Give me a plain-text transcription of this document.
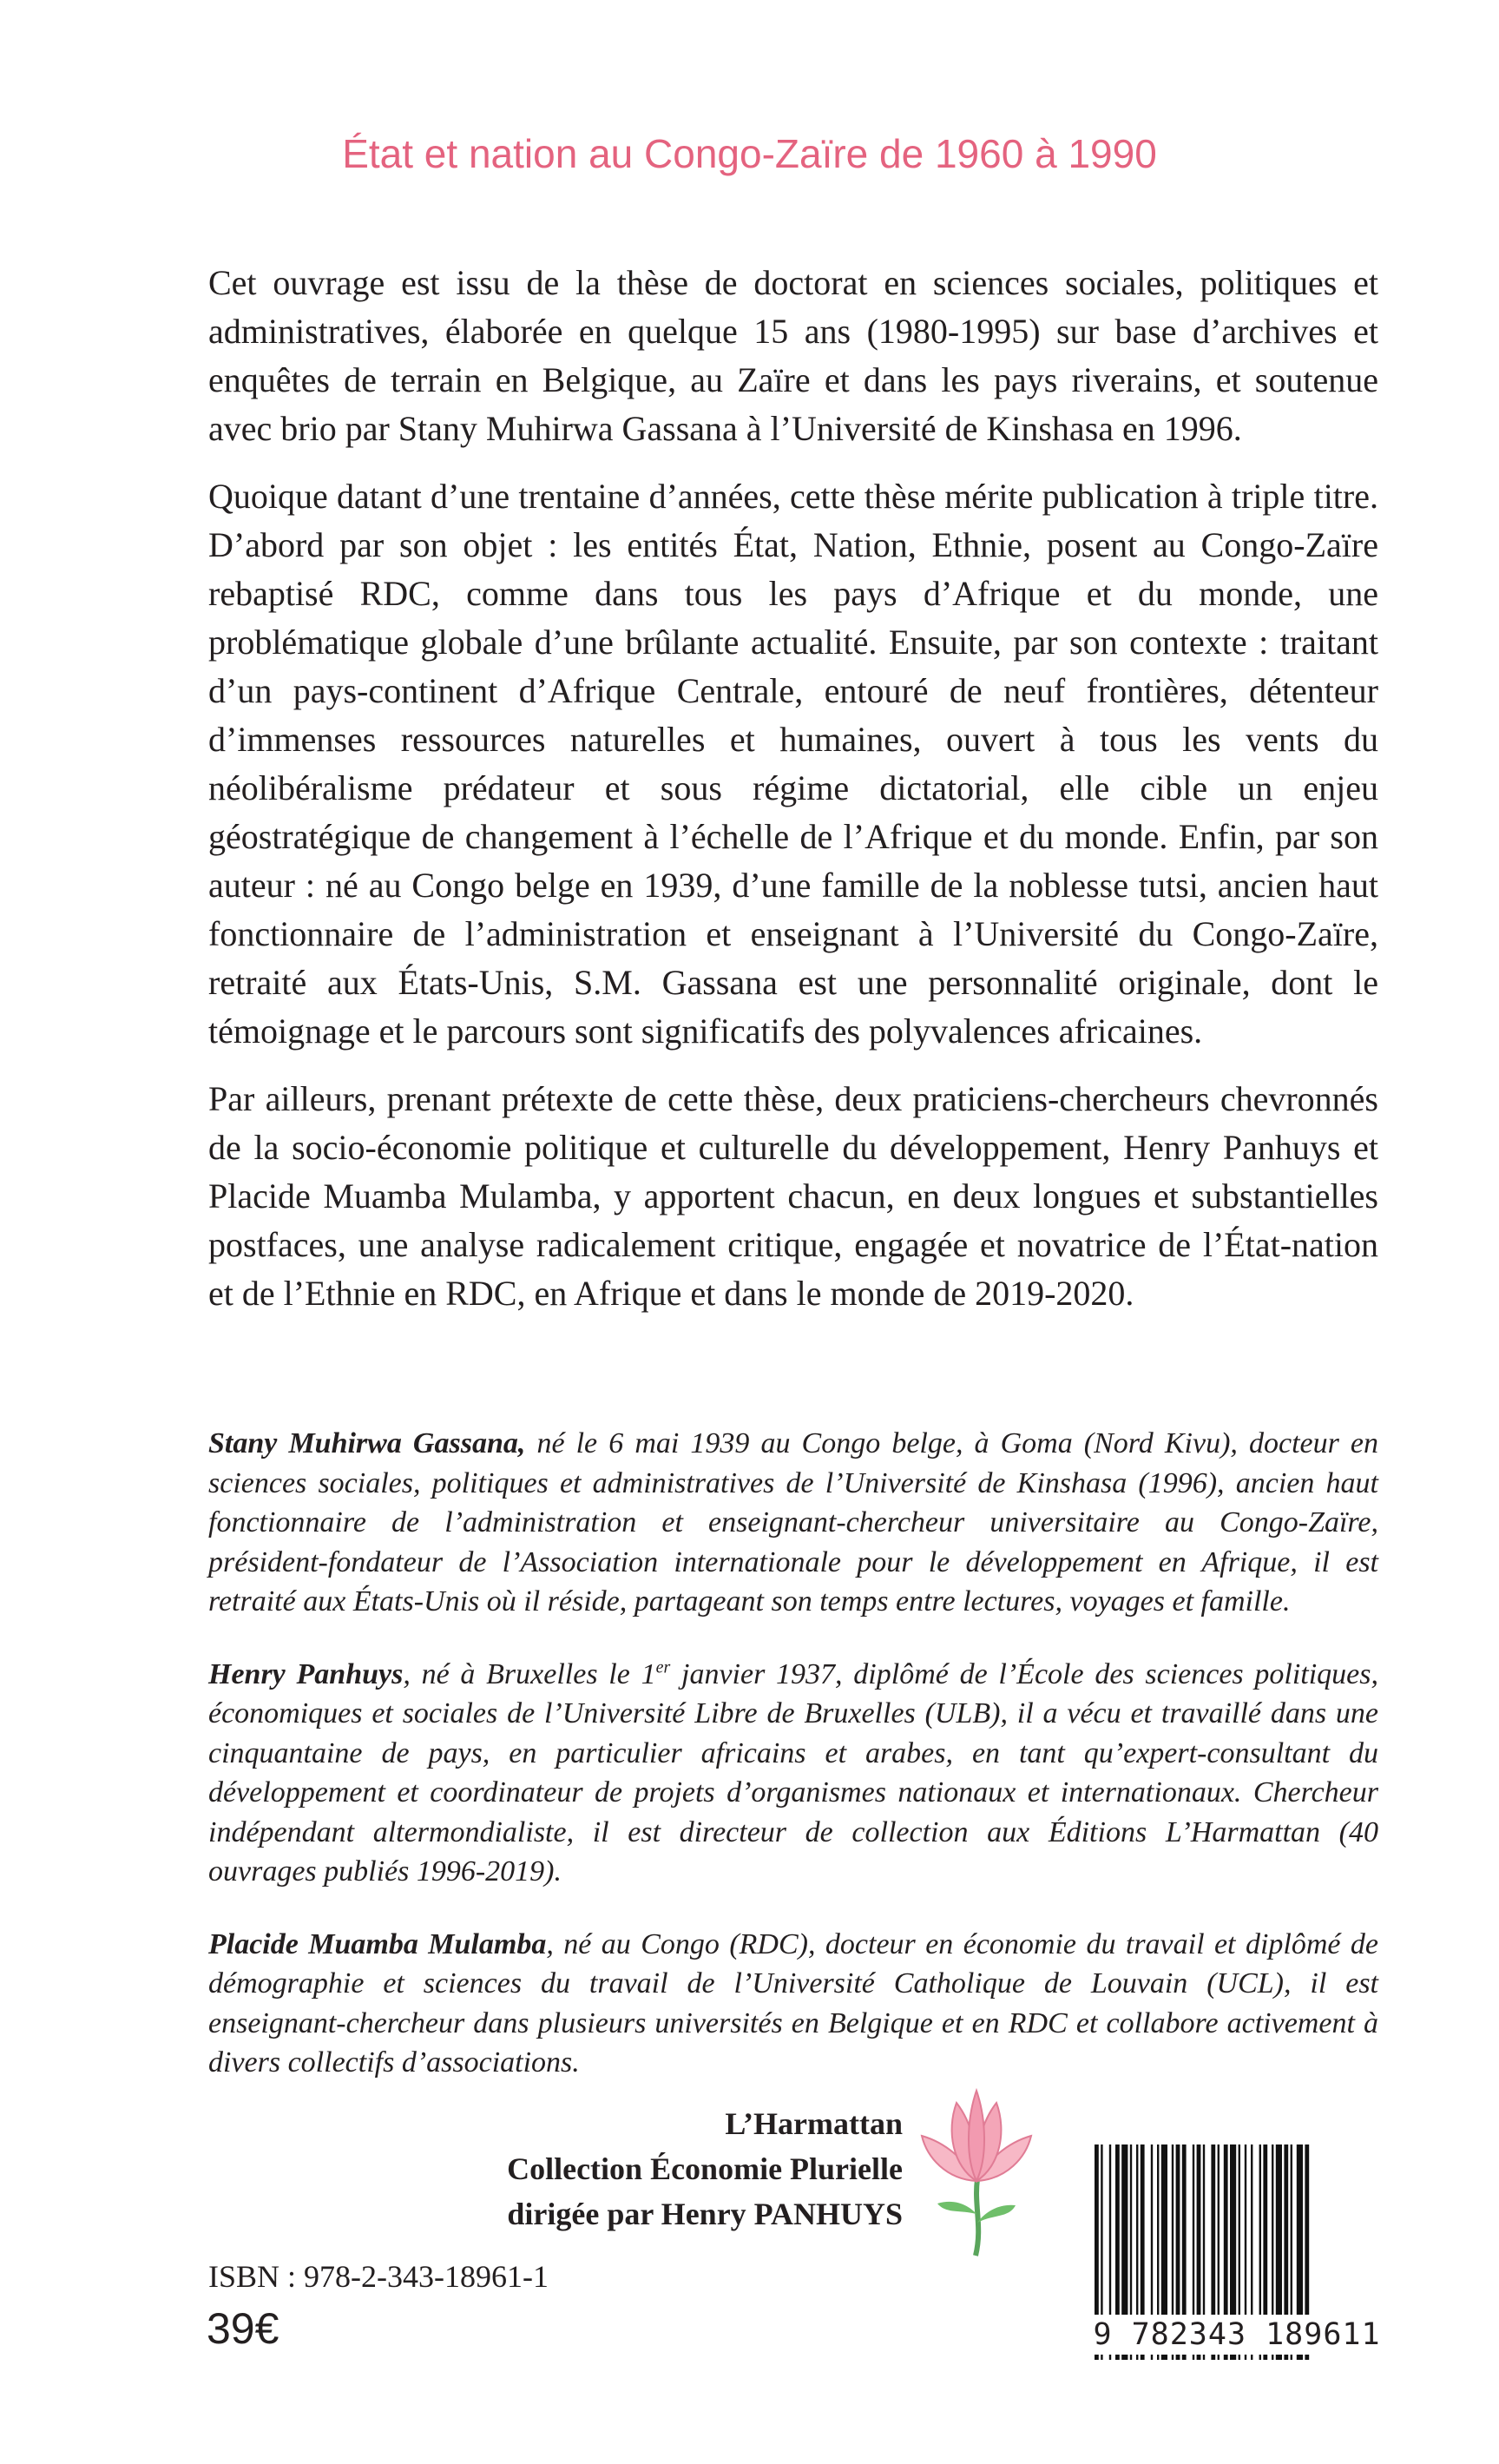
État et nation au Congo-Zaïre de 1960 à 1990

Cet ouvrage est issu de la thèse de doctorat en sciences sociales, politiques et administratives, élaborée en quelque 15 ans (1980-1995) sur base d’archives et enquêtes de terrain en Belgique, au Zaïre et dans les pays riverains, et soutenue avec brio par Stany Muhirwa Gassana à l’Université de Kinshasa en 1996.

Quoique datant d’une trentaine d’années, cette thèse mérite publication à triple titre. D’abord par son objet : les entités État, Nation, Ethnie, posent au Congo-Zaïre rebaptisé RDC, comme dans tous les pays d’Afrique et du monde, une problématique globale d’une brûlante actualité. Ensuite, par son contexte : traitant d’un pays-continent d’Afrique Centrale, entouré de neuf frontières, détenteur d’immenses ressources naturelles et humaines, ouvert à tous les vents du néolibéralisme prédateur et sous régime dictatorial, elle cible un enjeu géostratégique de changement à l’échelle de l’Afrique et du monde. Enfin, par son auteur : né au Congo belge en 1939, d’une famille de la noblesse tutsi, ancien haut fonctionnaire de l’administration et enseignant à l’Université du Congo-Zaïre, retraité aux États-Unis, S.M. Gassana est une personnalité originale, dont le témoignage et le parcours sont significatifs des polyvalences africaines.

Par ailleurs, prenant prétexte de cette thèse, deux praticiens-chercheurs chevronnés de la socio-économie politique et culturelle du développement, Henry Panhuys et Placide Muamba Mulamba, y apportent chacun, en deux longues et substantielles postfaces, une analyse radicalement critique, engagée et novatrice de l’État-nation et de l’Ethnie en RDC, en Afrique et dans le monde de 2019-2020.

Stany Muhirwa Gassana, né le 6 mai 1939 au Congo belge, à Goma (Nord Kivu), docteur en sciences sociales, politiques et administratives de l’Université de Kinshasa (1996), ancien haut fonctionnaire de l’administration et enseignant-chercheur universitaire au Congo-Zaïre, président-fondateur de l’Association internationale pour le développement en Afrique, il est retraité aux États-Unis où il réside, partageant son temps entre lectures, voyages et famille.

Henry Panhuys, né à Bruxelles le 1er janvier 1937, diplômé de l’École des sciences politiques, économiques et sociales de l’Université Libre de Bruxelles (ULB), il a vécu et travaillé dans une cinquantaine de pays, en particulier africains et arabes, en tant qu’expert-consultant du développement et coordinateur de projets d’organismes nationaux et internationaux. Chercheur indépendant altermondialiste, il est directeur de collection aux Éditions L’Harmattan (40 ouvrages publiés 1996-2019).

Placide Muamba Mulamba, né au Congo (RDC), docteur en économie du travail et diplômé de démographie et sciences du travail de l’Université Catholique de Louvain (UCL), il est enseignant-chercheur dans plusieurs universités en Belgique et en RDC et collabore activement à divers collectifs d’associations.

L’Harmattan
Collection Économie Plurielle
dirigée par Henry PANHUYS
ISBN : 978-2-343-18961-1
39€	9 782343 189611
